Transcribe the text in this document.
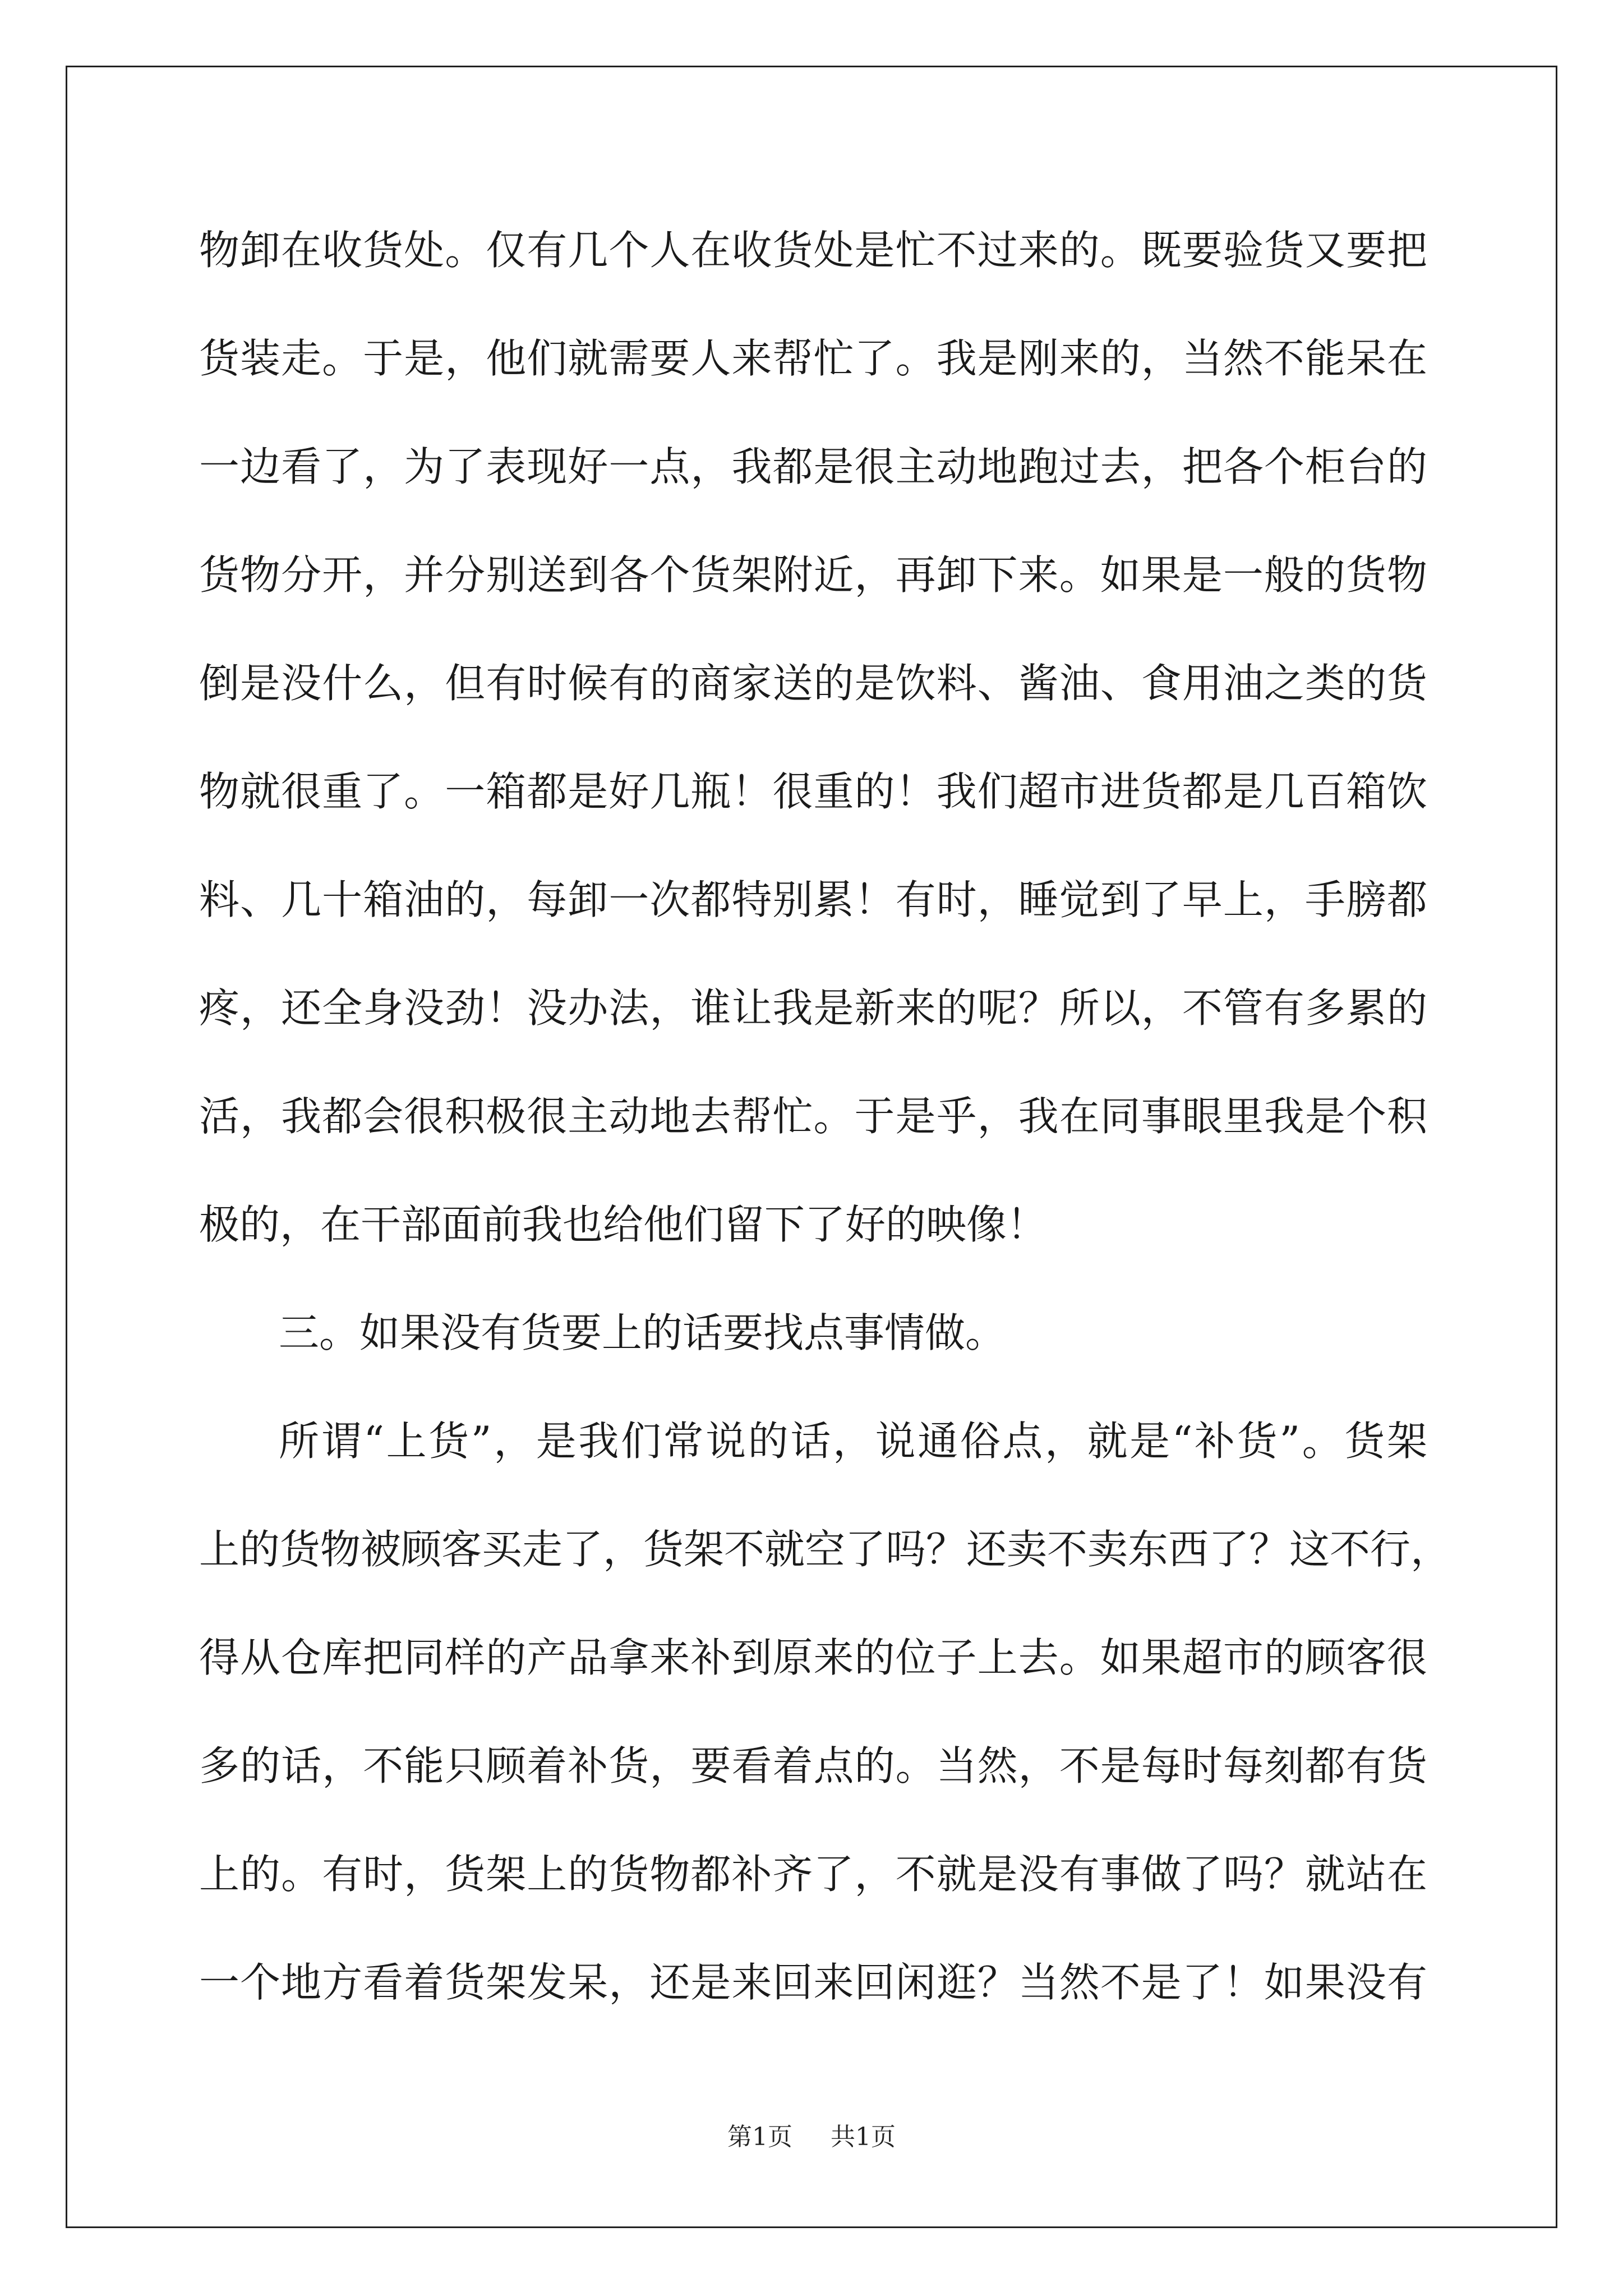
物卸在收货处。仅有几个人在收货处是忙不过来的。既要验货又要把
货装走。于是，他们就需要人来帮忙了。我是刚来的，当然不能呆在
一边看了，为了表现好一点，我都是很主动地跑过去，把各个柜台的
货物分开，并分别送到各个货架附近，再卸下来。如果是一般的货物
倒是没什么，但有时候有的商家送的是饮料、酱油、食用油之类的货
物就很重了。一箱都是好几瓶！很重的！我们超市进货都是几百箱饮
料、几十箱油的，每卸一次都特别累！有时，睡觉到了早上，手膀都
疼，还全身没劲！没办法，谁让我是新来的呢？所以，不管有多累的
活，我都会很积极很主动地去帮忙。于是乎，我在同事眼里我是个积
极的，在干部面前我也给他们留下了好的映像！
三。如果没有货要上的话要找点事情做。
所谓“上货”，是我们常说的话，说通俗点，就是“补货”。货架
上的货物被顾客买走了，货架不就空了吗？还卖不卖东西了？这不行，
得从仓库把同样的产品拿来补到原来的位子上去。如果超市的顾客很
多的话，不能只顾着补货，要看着点的。当然，不是每时每刻都有货
上的。有时，货架上的货物都补齐了，不就是没有事做了吗？就站在
一个地方看着货架发呆，还是来回来回闲逛？当然不是了！如果没有
第1页 共1页
